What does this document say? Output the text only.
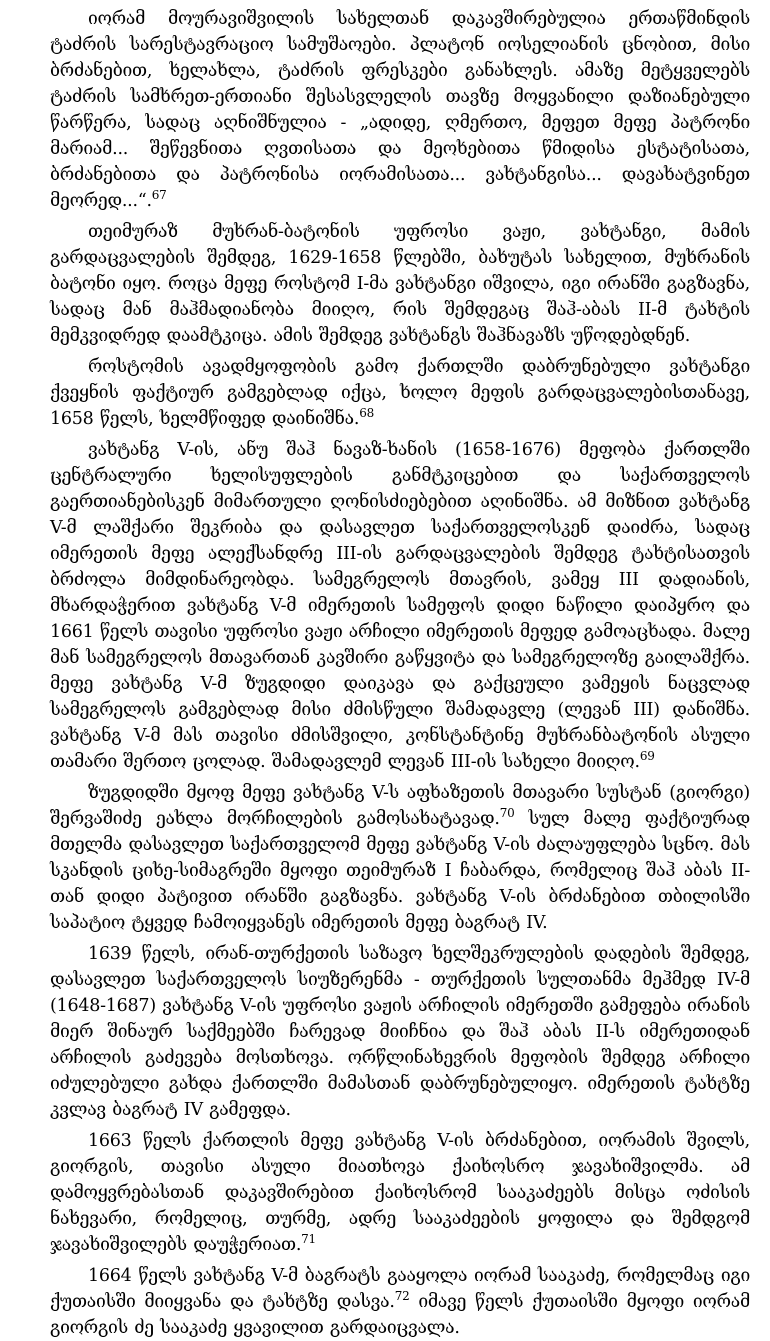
იორამ მოურავიშვილის სახელთან დაკავშირებულია ერთაწმინდის ტაძრის სარესტავრაციო სამუშაოები. პლატონ იოსელიანის ცნობით, მისი ბრძანებით, ხელახლა, ტაძრის ფრესკები განახლეს. ამაზე მეტყველებს ტაძრის სამხრეთ-ერთიანი შესასვლელის თავზე მოყვანილი დაზიანებული წარწერა, სადაც აღნიშნულია - „ადიდე, ღმერთო, მეფეთ მეფე პატრონი მარიამ... შეწევნითა ღვთისათა და მეოხებითა წმიდისა ესტატისათა, ბრძანებითა და პატრონისა იორამისათა... ვახტანგისა... დავახატვინეთ მეორედ...“.$^{67}$

თეიმურაზ მუხრან-ბატონის უფროსი ვაჟი, ვახტანგი, მამის გარდაცვალების შემდეგ, 1629-1658 წლებში, ბახუტას სახელით, მუხრანის ბატონი იყო. როცა მეფე როსტომ I-მა ვახტანგი იშვილა, იგი ირანში გაგზავნა, სადაც მან მაჰმადიანობა მიიღო, რის შემდეგაც შაჰ-აბას II-მ ტახტის მემკვიდრედ დაამტკიცა. ამის შემდეგ ვახტანგს შაჰნავაზს უწოდებდნენ.

როსტომის ავადმყოფობის გამო ქართლში დაბრუნებული ვახტანგი ქვეყნის ფაქტიურ გამგებლად იქცა, ხოლო მეფის გარდაცვალებისთანავე, 1658 წელს, ხელმწიფედ დაინიშნა.$^{68}$

ვახტანგ V-ის, ანუ შაჰ ნავაზ-ხანის (1658-1676) მეფობა ქართლში ცენტრალური ხელისუფლების განმტკიცებით და საქართველოს გაერთიანებისკენ მიმართული ღონისძიებებით აღინიშნა. ამ მიზნით ვახტანგ V-მ ლაშქარი შეკრიბა და დასავლეთ საქართველოსკენ დაიძრა, სადაც იმერეთის მეფე ალექსანდრე III-ის გარდაცვალების შემდეგ ტახტისათვის ბრძოლა მიმდინარეობდა. სამეგრელოს მთავრის, ვამეყ III დადიანის, მხარდაჭერით ვახტანგ V-მ იმერეთის სამეფოს დიდი ნაწილი დაიპყრო და 1661 წელს თავისი უფროსი ვაჟი არჩილი იმერეთის მეფედ გამოაცხადა. მალე მან სამეგრელოს მთავართან კავშირი გაწყვიტა და სამეგრელოზე გაილაშქრა. მეფე ვახტანგ V-მ ზუგდიდი დაიკავა და გაქცეული ვამეყის ნაცვლად სამეგრელოს გამგებლად მისი ძმისწული შამადავლე (ლევან III) დანიშნა. ვახტანგ V-მ მას თავისი ძმისშვილი, კონსტანტინე მუხრანბატონის ასული თამარი შერთო ცოლად. შამადავლემ ლევან III-ის სახელი მიიღო.$^{69}$

ზუგდიდში მყოფ მეფე ვახტანგ V-ს აფხაზეთის მთავარი სუსტან (გიორგი) შერვაშიძე ეახლა მორჩილების გამოსახატავად.$^{70}$ სულ მალე ფაქტიურად მთელმა დასავლეთ საქართველომ მეფე ვახტანგ V-ის ძალაუფლება სცნო. მას სკანდის ციხე-სიმაგრეში მყოფი თეიმურაზ I ჩაბარდა, რომელიც შაჰ აბას II-თან დიდი პატივით ირანში გაგზავნა. ვახტანგ V-ის ბრძანებით თბილისში საპატიო ტყვედ ჩამოიყვანეს იმერეთის მეფე ბაგრატ IV.

1639 წელს, ირან-თურქეთის საზავო ხელშეკრულების დადების შემდეგ, დასავლეთ საქართველოს სიუზერენმა - თურქეთის სულთანმა მეჰმედ IV-მ (1648-1687) ვახტანგ V-ის უფროსი ვაჟის არჩილის იმერეთში გამეფება ირანის მიერ შინაურ საქმეებში ჩარევად მიიჩნია და შაჰ აბას II-ს იმერეთიდან არჩილის გაძევება მოსთხოვა. ორწლინახევრის მეფობის შემდეგ არჩილი იძულებული გახდა ქართლში მამასთან დაბრუნებულიყო. იმერეთის ტახტზე კვლავ ბაგრატ IV გამეფდა.

1663 წელს ქართლის მეფე ვახტანგ V-ის ბრძანებით, იორამის შვილს, გიორგის, თავისი ასული მიათხოვა ქაიხოსრო ჯავახიშვილმა. ამ დამოყვრებასთან დაკავშირებით ქაიხოსრომ სააკაძეებს მისცა ოძისის ნახევარი, რომელიც, თურმე, ადრე სააკაძეების ყოფილა და შემდგომ ჯავახიშვილებს დაუჭერიათ.$^{71}$

1664 წელს ვახტანგ V-მ ბაგრატს გააყოლა იორამ სააკაძე, რომელმაც იგი ქუთაისში მიიყვანა და ტახტზე დასვა.$^{72}$ იმავე წელს ქუთაისში მყოფი იორამ გიორგის ძე სააკაძე ყვავილით გარდაიცვალა.
